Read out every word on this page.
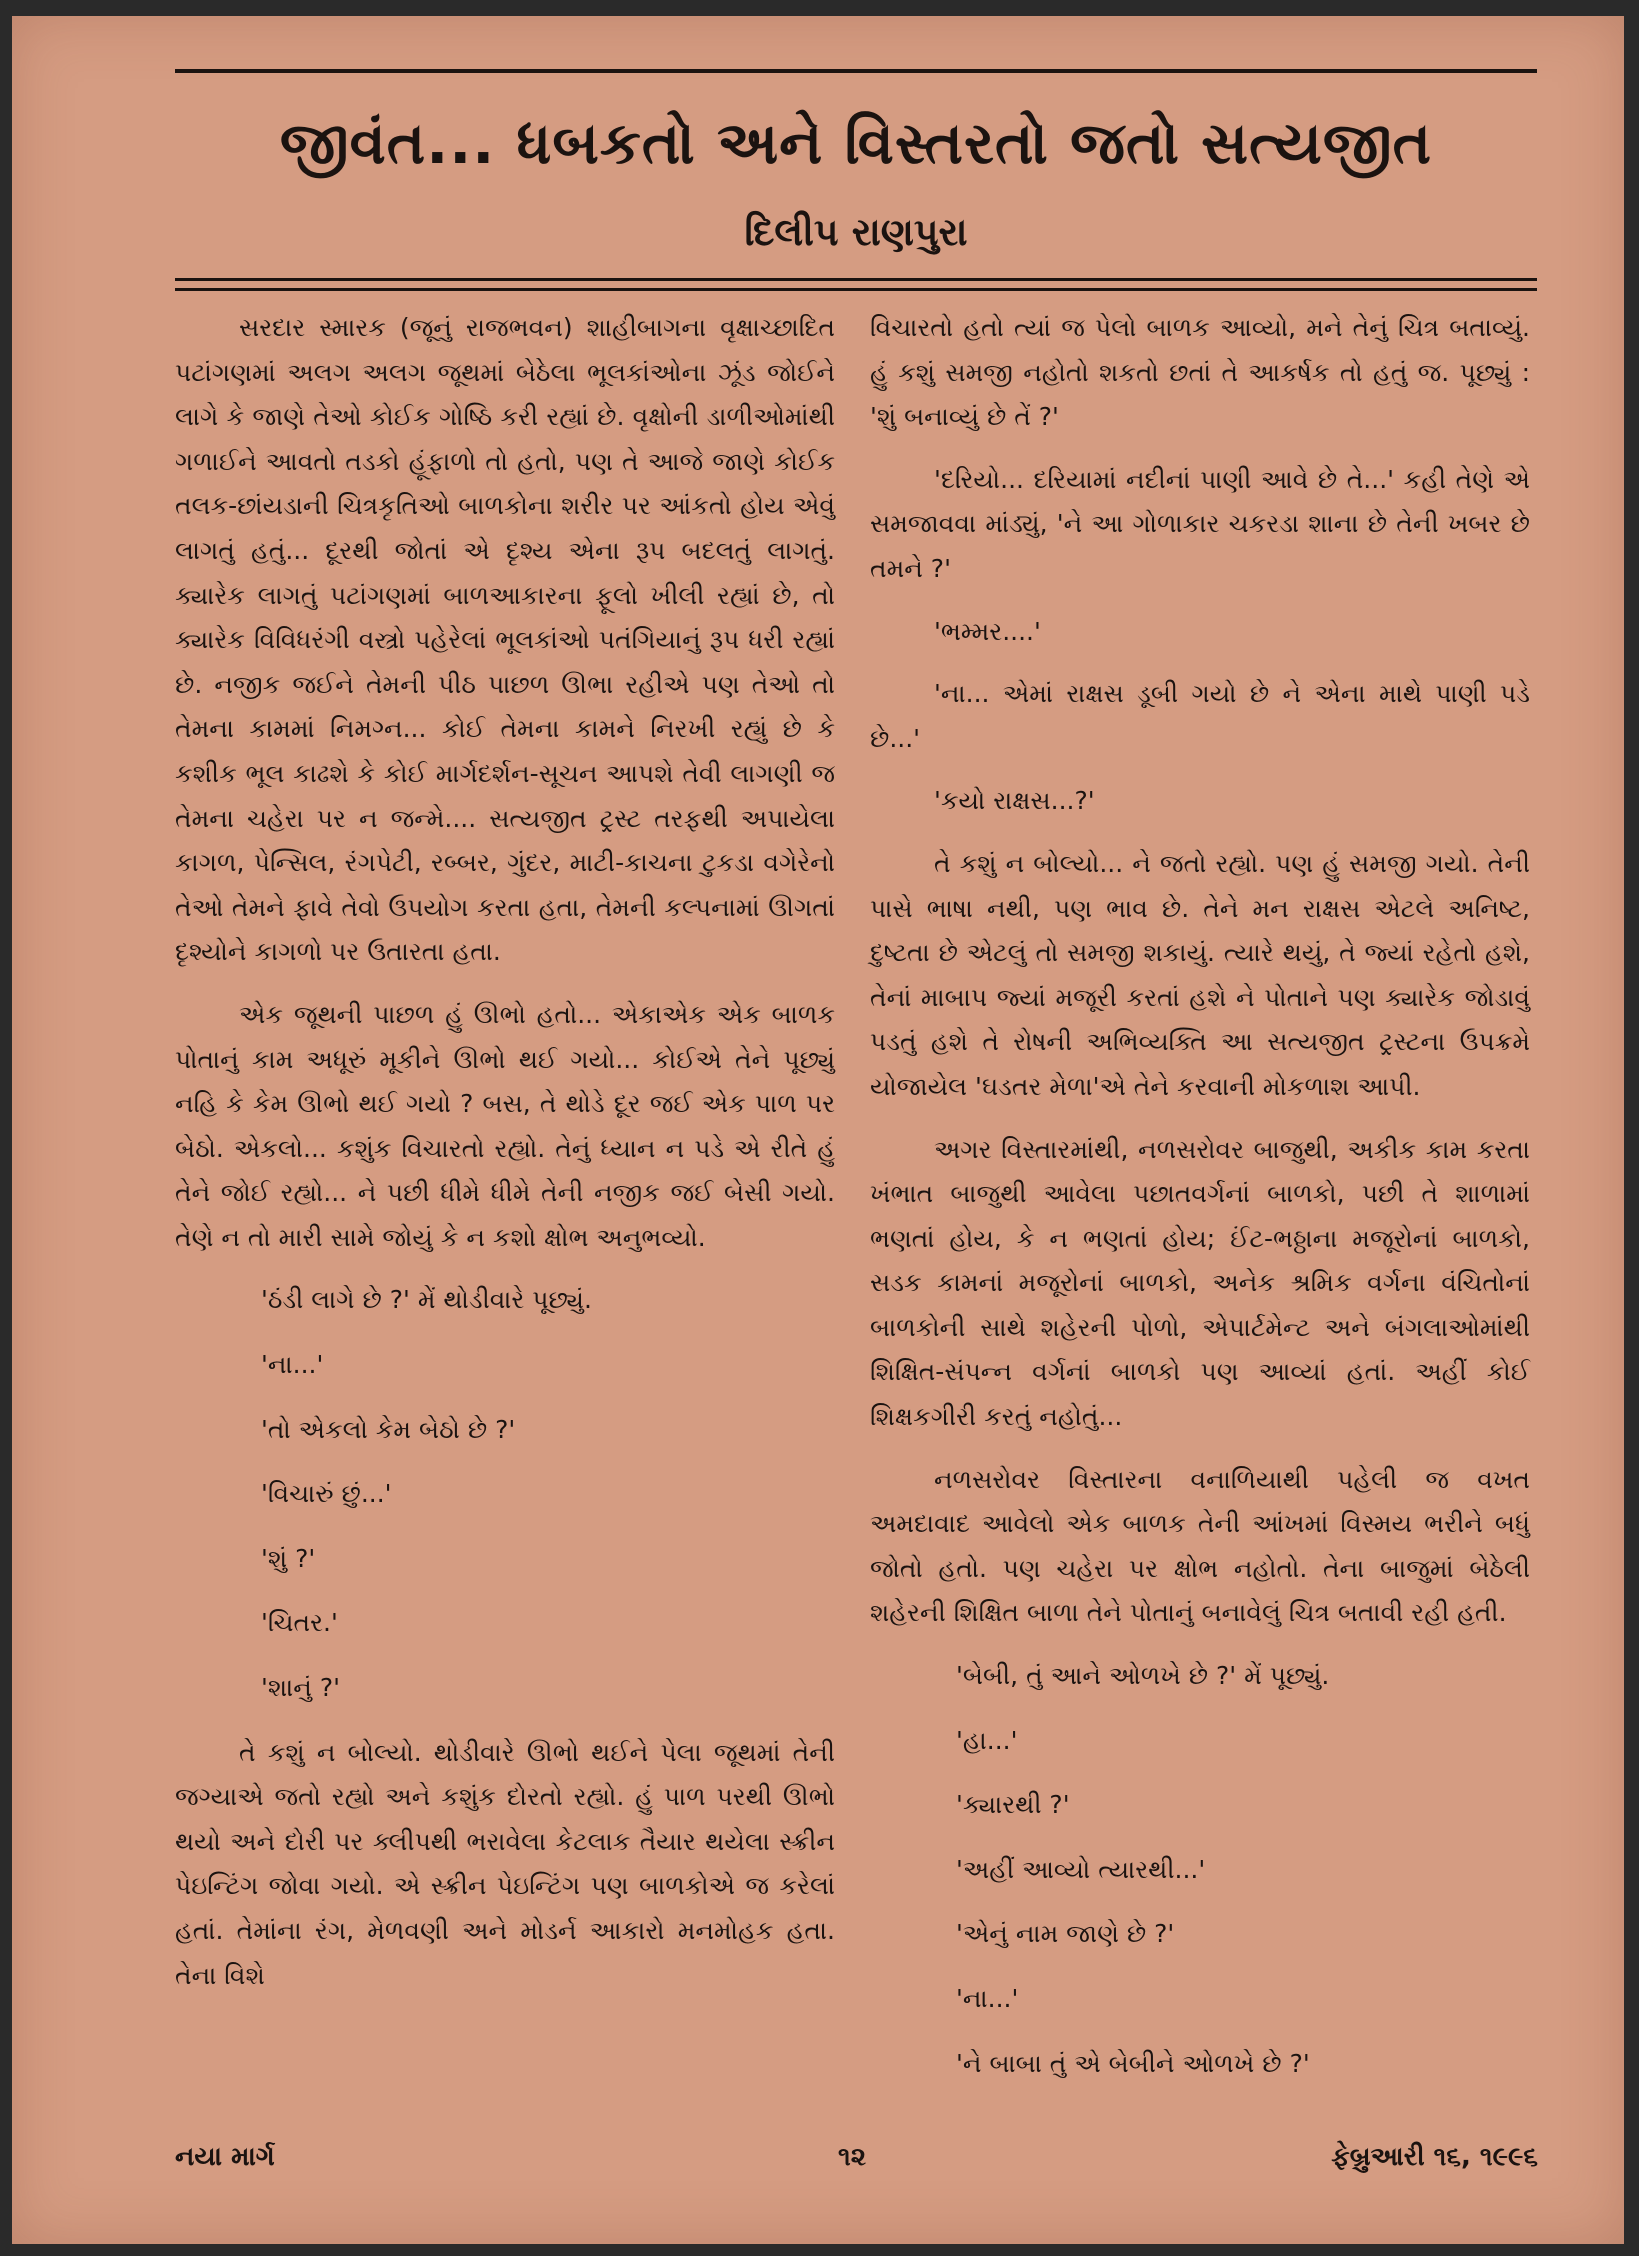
જીવંત... ધબકતો અને વિસ્તરતો જતો સત્યજીત
દિલીપ રાણપુરા

સરદાર સ્મારક (જૂનું રાજભવન) શાહીબાગના વૃક્ષાચ્છાદિત પટાંગણમાં અલગ અલગ જૂથમાં બેઠેલા ભૂલકાંઓના ઝૂંડ જોઈને લાગે કે જાણે તેઓ કોઈક ગોષ્ઠિ કરી રહ્યાં છે. વૃક્ષોની ડાળીઓમાંથી ગળાઈને આવતો તડકો હૂંફાળો તો હતો, પણ તે આજે જાણે કોઈક તલક-છાંયડાની ચિત્રકૃતિઓ બાળકોના શરીર પર આંકતો હોય એવું લાગતું હતું... દૂરથી જોતાં એ દૃશ્ય એના રૂપ બદલતું લાગતું. ક્યારેક લાગતું પટાંગણમાં બાળઆકારના ફૂલો ખીલી રહ્યાં છે, તો ક્યારેક વિવિધરંગી વસ્ત્રો પહેરેલાં ભૂલકાંઓ પતંગિયાનું રૂપ ધરી રહ્યાં છે. નજીક જઈને તેમની પીઠ પાછળ ઊભા રહીએ પણ તેઓ તો તેમના કામમાં નિમગ્ન... કોઈ તેમના કામને નિરખી રહ્યું છે કે કશીક ભૂલ કાઢશે કે કોઈ માર્ગદર્શન-સૂચન આપશે તેવી લાગણી જ તેમના ચહેરા પર ન જન્મે.... સત્યજીત ટ્રસ્ટ તરફથી અપાયેલા કાગળ, પેન્સિલ, રંગપેટી, રબ્બર, ગુંદર, માટી-કાચના ટુકડા વગેરેનો તેઓ તેમને ફાવે તેવો ઉપયોગ કરતા હતા, તેમની કલ્પનામાં ઊગતાં દૃશ્યોને કાગળો પર ઉતારતા હતા.

એક જૂથની પાછળ હું ઊભો હતો... એકાએક એક બાળક પોતાનું કામ અધૂરું મૂકીને ઊભો થઈ ગયો... કોઈએ તેને પૂછ્યું નહિ કે કેમ ઊભો થઈ ગયો ? બસ, તે થોડે દૂર જઈ એક પાળ પર બેઠો. એકલો... કશુંક વિચારતો રહ્યો. તેનું ધ્યાન ન પડે એ રીતે હું તેને જોઈ રહ્યો... ને પછી ધીમે ધીમે તેની નજીક જઈ બેસી ગયો. તેણે ન તો મારી સામે જોયું કે ન કશો ક્ષોભ અનુભવ્યો.

'ઠંડી લાગે છે ?' મેં થોડીવારે પૂછ્યું.

'ના...'

'તો એકલો કેમ બેઠો છે ?'

'વિચારું છું...'

'શું ?'

'ચિતર.'

'શાનું ?'

તે કશું ન બોલ્યો. થોડીવારે ઊભો થઈને પેલા જૂથમાં તેની જગ્યાએ જતો રહ્યો અને કશુંક દોરતો રહ્યો. હું પાળ પરથી ઊભો થયો અને દોરી પર ક્લીપથી ભરાવેલા કેટલાક તૈયાર થયેલા સ્ક્રીન પેઇન્ટિંગ જોવા ગયો. એ સ્ક્રીન પેઇન્ટિંગ પણ બાળકોએ જ કરેલાં હતાં. તેમાંના રંગ, મેળવણી અને મોડર્ન આકારો મનમોહક હતા. તેના વિશે

વિચારતો હતો ત્યાં જ પેલો બાળક આવ્યો, મને તેનું ચિત્ર બતાવ્યું. હું કશું સમજી નહોતો શકતો છતાં તે આકર્ષક તો હતું જ. પૂછ્યું : 'શું બનાવ્યું છે તેં ?'

'દરિયો... દરિયામાં નદીનાં પાણી આવે છે તે...' કહી તેણે એ સમજાવવા માંડ્યું, 'ને આ ગોળાકાર ચકરડા શાના છે તેની ખબર છે તમને ?'

'ભમ્મર....'

'ના... એમાં રાક્ષસ ડૂબી ગયો છે ને એના માથે પાણી પડે છે...'

'કયો રાક્ષસ...?'

તે કશું ન બોલ્યો... ને જતો રહ્યો. પણ હું સમજી ગયો. તેની પાસે ભાષા નથી, પણ ભાવ છે. તેને મન રાક્ષસ એટલે અનિષ્ટ, દુષ્ટતા છે એટલું તો સમજી શકાયું. ત્યારે થયું, તે જ્યાં રહેતો હશે, તેનાં માબાપ જ્યાં મજૂરી કરતાં હશે ને પોતાને પણ ક્યારેક જોડાવું પડતું હશે તે રોષની અભિવ્યક્તિ આ સત્યજીત ટ્રસ્ટના ઉપક્રમે યોજાયેલ 'ઘડતર મેળા'એ તેને કરવાની મોકળાશ આપી.

અગર વિસ્તારમાંથી, નળસરોવર બાજુથી, અકીક કામ કરતા ખંભાત બાજુથી આવેલા પછાતવર્ગનાં બાળકો, પછી તે શાળામાં ભણતાં હોય, કે ન ભણતાં હોય; ઈંટ-ભઠ્ઠાના મજૂરોનાં બાળકો, સડક કામનાં મજૂરોનાં બાળકો, અનેક શ્રમિક વર્ગના વંચિતોનાં બાળકોની સાથે શહેરની પોળો, એપાર્ટમેન્ટ અને બંગલાઓમાંથી શિક્ષિત-સંપન્ન વર્ગનાં બાળકો પણ આવ્યાં હતાં. અહીં કોઈ શિક્ષકગીરી કરતું નહોતું...

નળસરોવર વિસ્તારના વનાળિયાથી પહેલી જ વખત અમદાવાદ આવેલો એક બાળક તેની આંખમાં વિસ્મય ભરીને બધું જોતો હતો. પણ ચહેરા પર ક્ષોભ નહોતો. તેના બાજુમાં બેઠેલી શહેરની શિક્ષિત બાળા તેને પોતાનું બનાવેલું ચિત્ર બતાવી રહી હતી.

'બેબી, તું આને ઓળખે છે ?' મેં પૂછ્યું.

'હા...'

'ક્યારથી ?'

'અહીં આવ્યો ત્યારથી...'

'એનું નામ જાણે છે ?'

'ના...'

'ને બાબા તું એ બેબીને ઓળખે છે ?'

નયા માર્ગ	૧૨	ફેબ્રુઆરી ૧૬, ૧૯૯૬
